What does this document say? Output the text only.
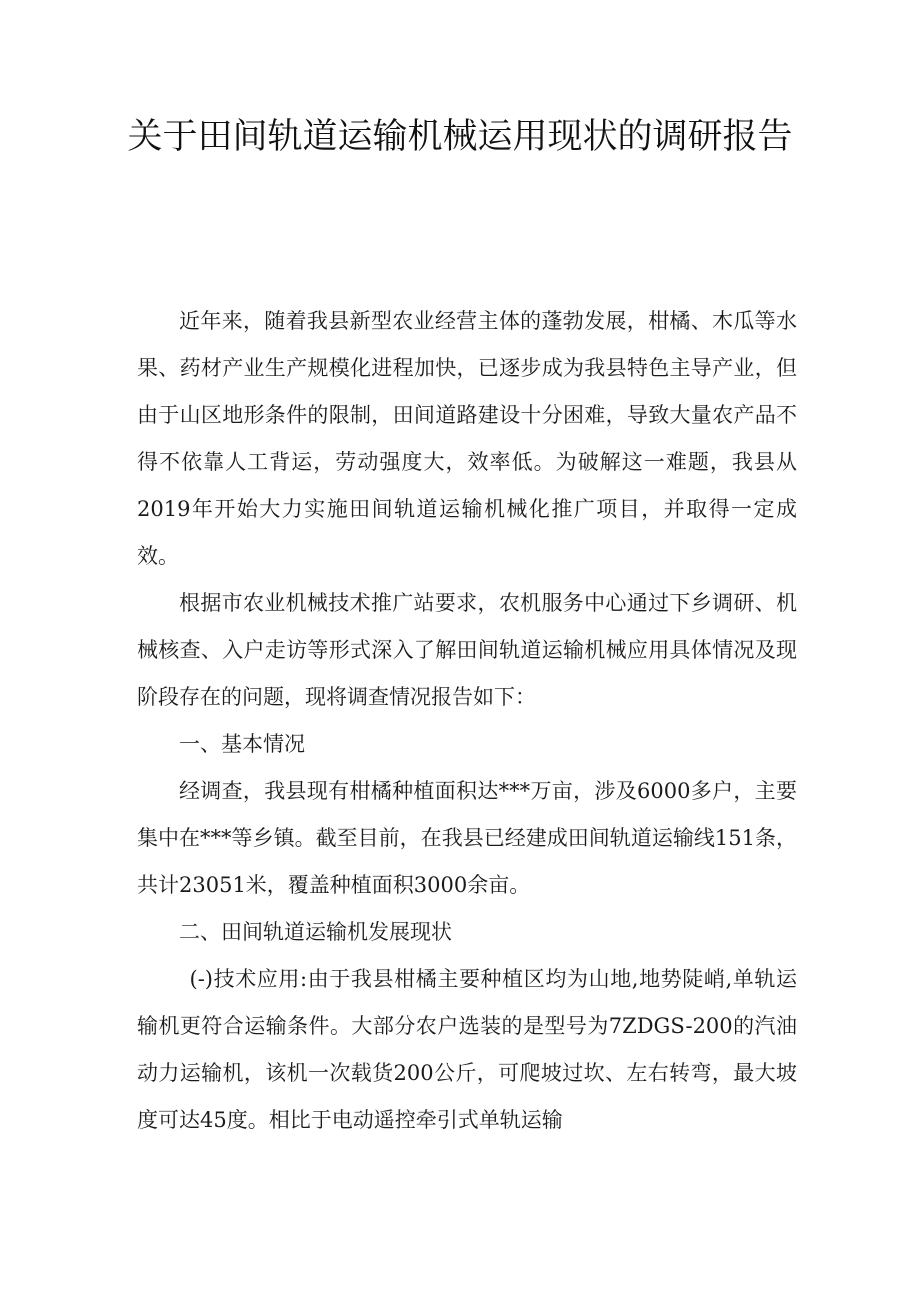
关于田间轨道运输机械运用现状的调研报告

近年来，随着我县新型农业经营主体的蓬勃发展，柑橘、木瓜等水果、药材产业生产规模化进程加快，已逐步成为我县特色主导产业，但由于山区地形条件的限制，田间道路建设十分困难，导致大量农产品不得不依靠人工背运，劳动强度大，效率低。为破解这一难题，我县从2019年开始大力实施田间轨道运输机械化推广项目，并取得一定成效。

根据市农业机械技术推广站要求，农机服务中心通过下乡调研、机械核查、入户走访等形式深入了解田间轨道运输机械应用具体情况及现阶段存在的问题，现将调查情况报告如下：

一、基本情况

经调查，我县现有柑橘种植面积达***万亩，涉及6000多户，主要集中在***等乡镇。截至目前，在我县已经建成田间轨道运输线151条，共计23051米，覆盖种植面积3000余亩。

二、田间轨道运输机发展现状

(-)技术应用:由于我县柑橘主要种植区均为山地,地势陡峭,单轨运输机更符合运输条件。大部分农户选装的是型号为7ZDGS-200的汽油动力运输机，该机一次载货200公斤，可爬坡过坎、左右转弯，最大坡度可达45度。相比于电动遥控牵引式单轨运输
